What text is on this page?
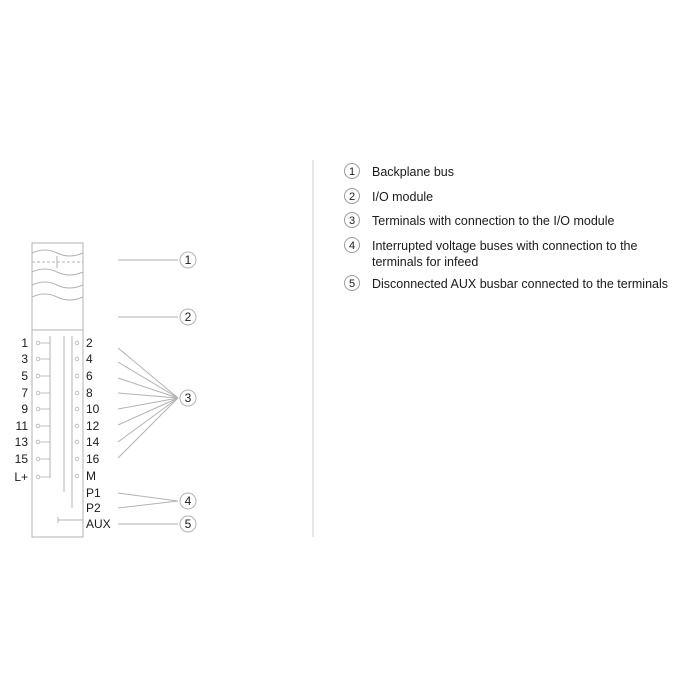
1
3
5
7
9
11
13
15
L+
2
4
6
8
10
12
14
16
M
P1
P2
AUX
1
2
3
4
5
1	Backplane bus
2	I/O module
3	Terminals with connection to the I/O module
4	Interrupted voltage buses with connection to the
terminals for infeed
5	Disconnected AUX busbar connected to the terminals
